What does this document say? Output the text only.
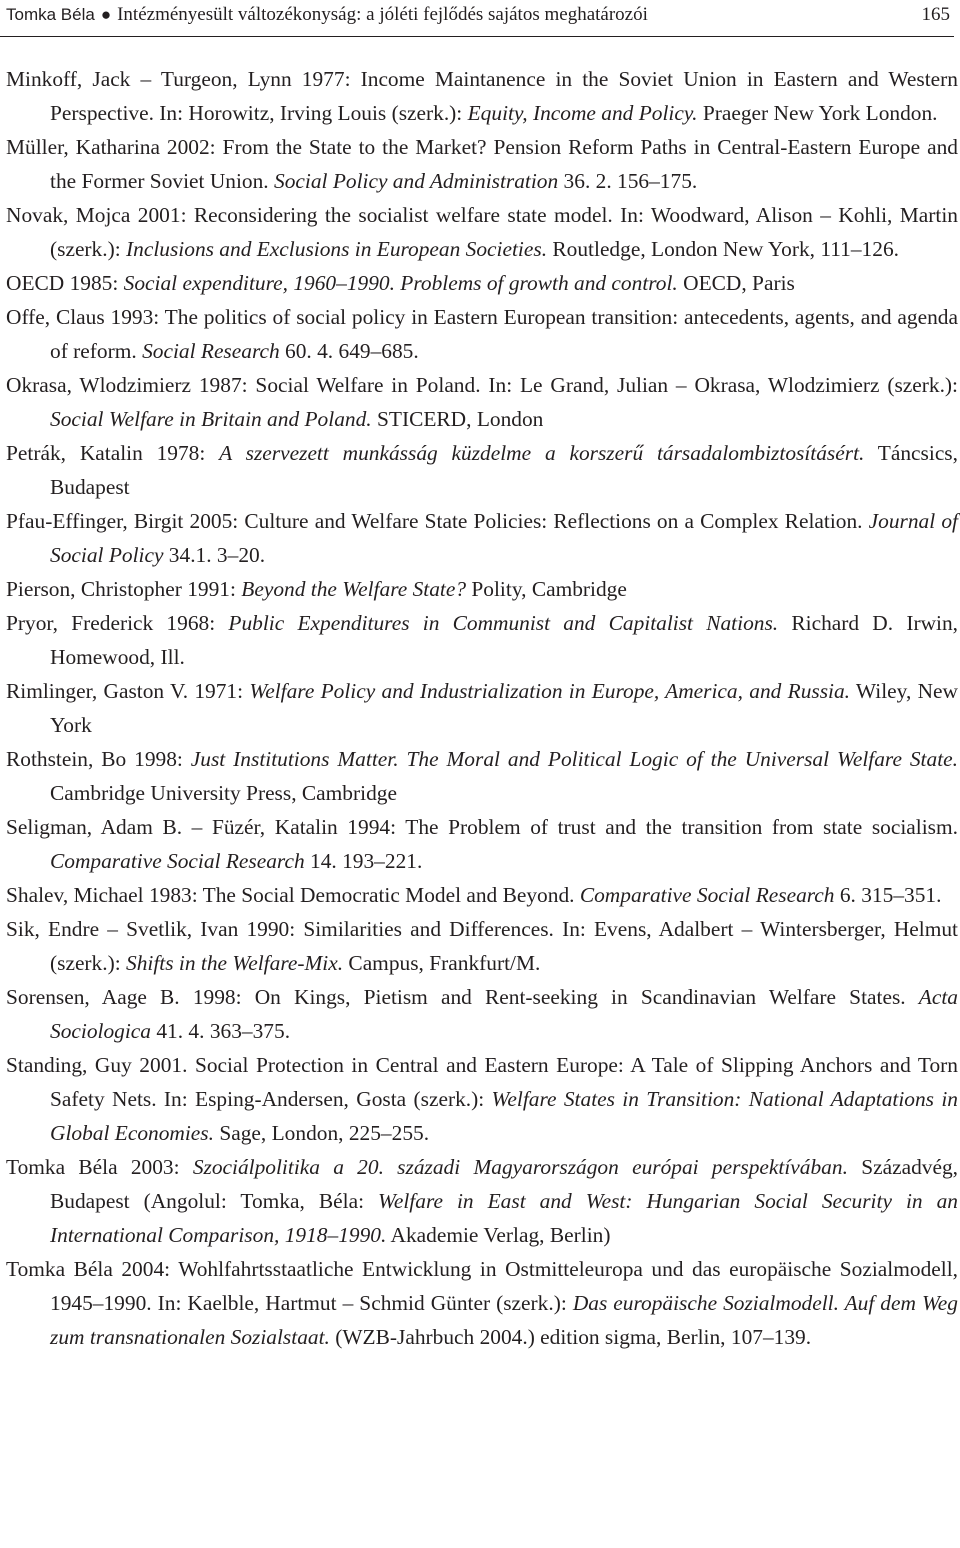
Tomka Béla ● Intézményesült változékonyság: a jóléti fejlődés sajátos meghatározói	165

Minkoff, Jack – Turgeon, Lynn 1977: Income Maintanence in the Soviet Union in Eastern and Western Perspective. In: Horowitz, Irving Louis (szerk.): Equity, Income and Policy. Praeger New York London.

Müller, Katharina 2002: From the State to the Market? Pension Reform Paths in Central-Eastern Europe and the Former Soviet Union. Social Policy and Administration 36. 2. 156–175.

Novak, Mojca 2001: Reconsidering the socialist welfare state model. In: Woodward, Alison – Kohli, Martin (szerk.): Inclusions and Exclusions in European Societies. Routledge, London New York, 111–126.

OECD 1985: Social expenditure, 1960–1990. Problems of growth and control. OECD, Paris

Offe, Claus 1993: The politics of social policy in Eastern European transition: antecedents, agents, and agenda of reform. Social Research 60. 4. 649–685.

Okrasa, Wlodzimierz 1987: Social Welfare in Poland. In: Le Grand, Julian – Okrasa, Wlodzimierz (szerk.): Social Welfare in Britain and Poland. STICERD, London

Petrák, Katalin 1978: A szervezett munkásság küzdelme a korszerű társadalombiztosításért. Táncsics, Budapest

Pfau-Effinger, Birgit 2005: Culture and Welfare State Policies: Reflections on a Complex Relation. Journal of Social Policy 34.1. 3–20.

Pierson, Christopher 1991: Beyond the Welfare State? Polity, Cambridge

Pryor, Frederick 1968: Public Expenditures in Communist and Capitalist Nations. Richard D. Irwin, Homewood, Ill.

Rimlinger, Gaston V. 1971: Welfare Policy and Industrialization in Europe, America, and Russia. Wiley, New York

Rothstein, Bo 1998: Just Institutions Matter. The Moral and Political Logic of the Universal Welfare State. Cambridge University Press, Cambridge

Seligman, Adam B. – Füzér, Katalin 1994: The Problem of trust and the transition from state socialism. Comparative Social Research 14. 193–221.

Shalev, Michael 1983: The Social Democratic Model and Beyond. Comparative Social Research 6. 315–351.

Sik, Endre – Svetlik, Ivan 1990: Similarities and Differences. In: Evens, Adalbert – Wintersberger, Helmut (szerk.): Shifts in the Welfare-Mix. Campus, Frankfurt/M.

Sorensen, Aage B. 1998: On Kings, Pietism and Rent-seeking in Scandinavian Welfare States. Acta Sociologica 41. 4. 363–375.

Standing, Guy 2001. Social Protection in Central and Eastern Europe: A Tale of Slipping Anchors and Torn Safety Nets. In: Esping-Andersen, Gosta (szerk.): Welfare States in Transition: National Adaptations in Global Economies. Sage, London, 225–255.

Tomka Béla 2003: Szociálpolitika a 20. századi Magyarországon európai perspektívában. Századvég, Budapest (Angolul: Tomka, Béla: Welfare in East and West: Hungarian Social Security in an International Comparison, 1918–1990. Akademie Verlag, Berlin)

Tomka Béla 2004: Wohlfahrtsstaatliche Entwicklung in Ostmitteleuropa und das europäische Sozialmodell, 1945–1990. In: Kaelble, Hartmut – Schmid Günter (szerk.): Das europäische Sozialmodell. Auf dem Weg zum transnationalen Sozialstaat. (WZB-Jahrbuch 2004.) edition sigma, Berlin, 107–139.
